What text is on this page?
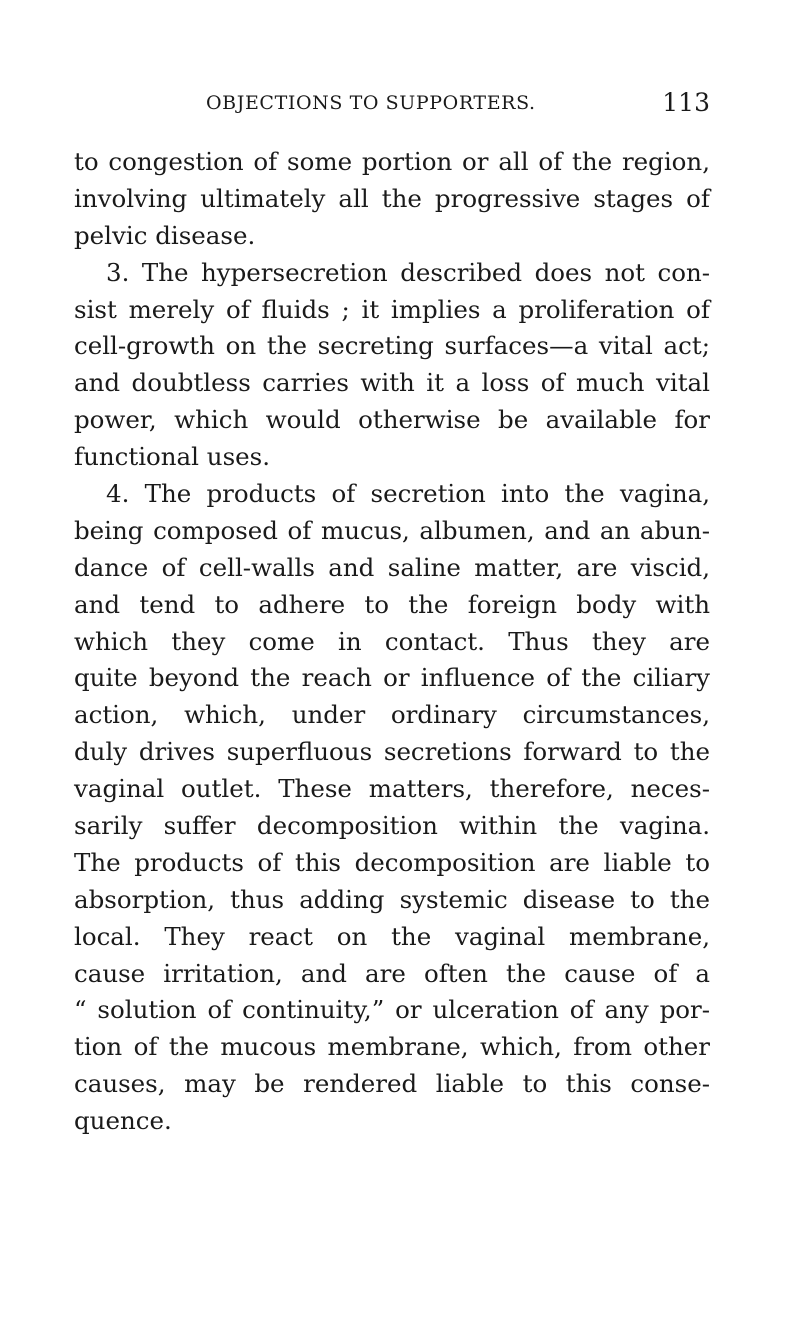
OBJECTIONS TO SUPPORTERS.	113
to congestion of some portion or all of the region,
involving ultimately all the progressive stages of
pelvic disease.
3. The hypersecretion described does not con-
sist merely of fluids ; it implies a proliferation of
cell-growth on the secreting surfaces—a vital act;
and doubtless carries with it a loss of much vital
power, which would otherwise be available for
functional uses.
4. The products of secretion into the vagina,
being composed of mucus, albumen, and an abun-
dance of cell-walls and saline matter, are viscid,
and tend to adhere to the foreign body with
which they come in contact. Thus they are
quite beyond the reach or influence of the ciliary
action, which, under ordinary circumstances,
duly drives superfluous secretions forward to the
vaginal outlet. These matters, therefore, neces-
sarily suffer decomposition within the vagina.
The products of this decomposition are liable to
absorption, thus adding systemic disease to the
local. They react on the vaginal membrane,
cause irritation, and are often the cause of a
“ solution of continuity,” or ulceration of any por-
tion of the mucous membrane, which, from other
causes, may be rendered liable to this conse-
quence.
